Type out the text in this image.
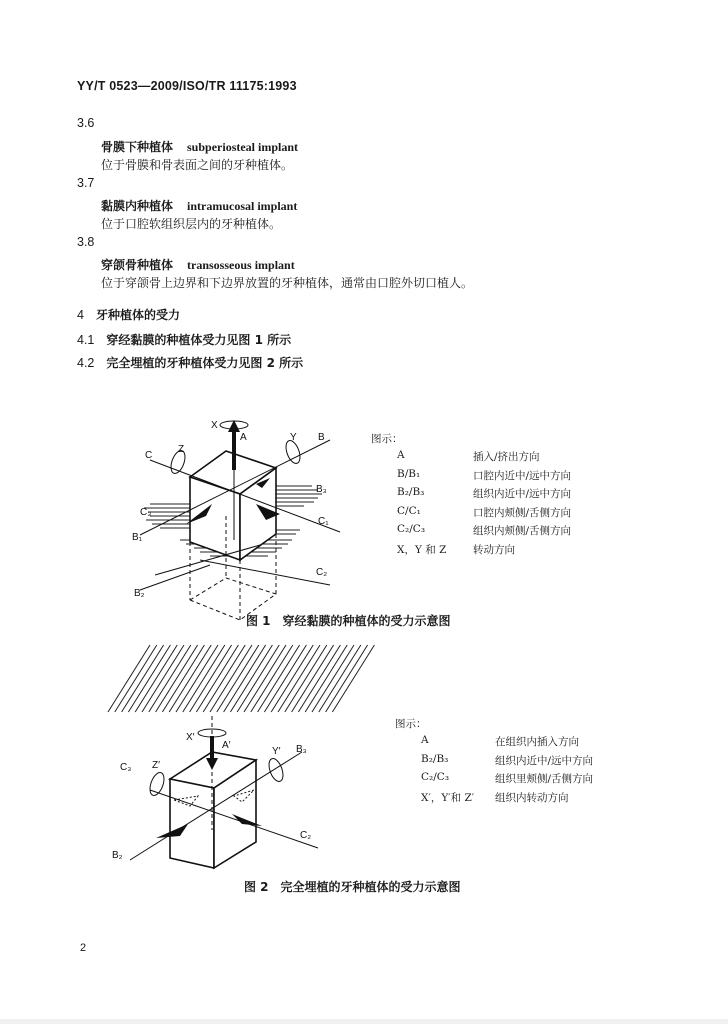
YY/T 0523—2009/ISO/TR 11175:1993
3.6
骨膜下种植体 subperiosteal implant
位于骨膜和骨表面之间的牙种植体。
3.7
黏膜内种植体 intramucosal implant
位于口腔软组织层内的牙种植体。
3.8
穿颌骨种植体 transosseous implant
位于穿颌骨上边界和下边界放置的牙种植体，通常由口腔外切口植人。
4 牙种植体的受力
4.1 穿经黏膜的种植体受力见图 1 所示
4.2 完全埋植的牙种植体受力见图 2 所示
X
A	Y B
C
Z
B₃
C₁
C₃
B₁
C₂
B₂
X′
A′
Y′ B₃
C₃ Z′
C₂
B₂
图示：
A	插入/挤出方向
B/B₁	口腔内近中/远中方向
B₂/B₃	组织内近中/远中方向
C/C₁	口腔内颊侧/舌侧方向
C₂/C₃	组织内颊侧/舌侧方向
X，Y 和 Z	转动方向
图 1　穿经黏膜的种植体的受力示意图
图示：
A	在组织内插入方向
B₂/B₃	组织内近中/远中方向
C₂/C₃	组织里颊侧/舌侧方向
X′，Y′和 Z′ 组织内转动方向
图 2　完全埋植的牙种植体的受力示意图
2
